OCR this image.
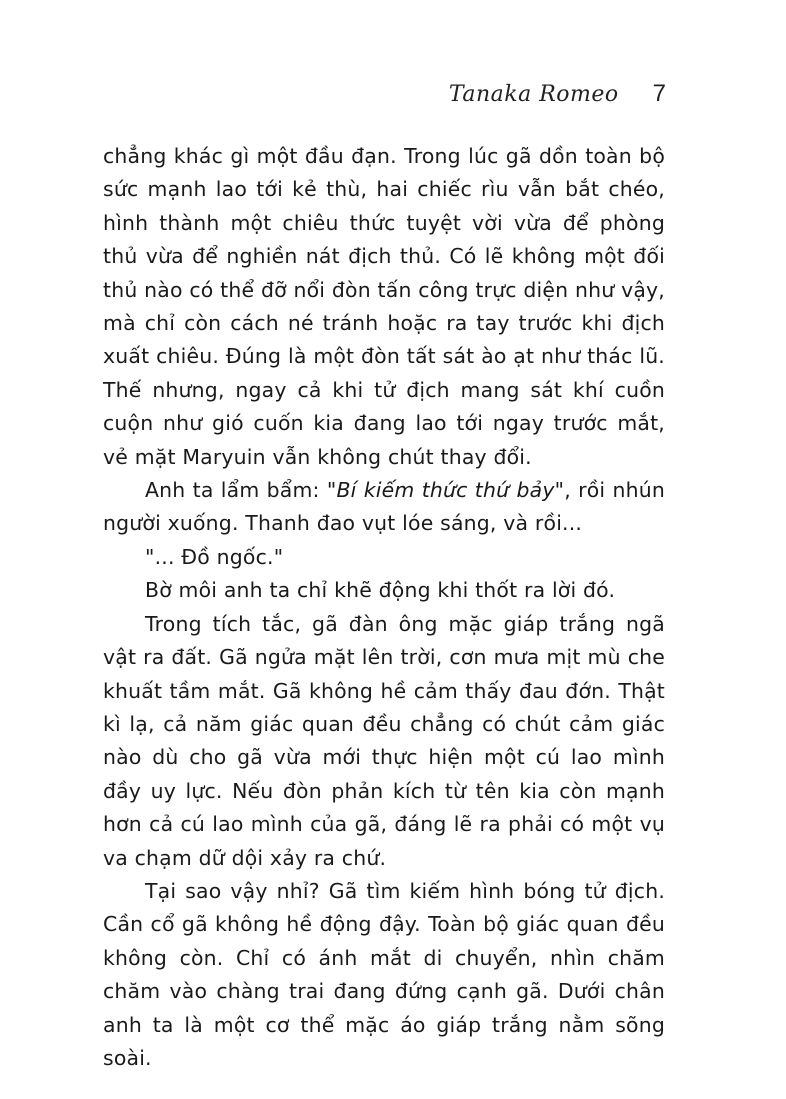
Tanaka Romeo 7

chẳng khác gì một đầu đạn. Trong lúc gã dồn toàn bộ sức mạnh lao tới kẻ thù, hai chiếc rìu vẫn bắt chéo, hình thành một chiêu thức tuyệt vời vừa để phòng thủ vừa để nghiền nát địch thủ. Có lẽ không một đối thủ nào có thể đỡ nổi đòn tấn công trực diện như vậy, mà chỉ còn cách né tránh hoặc ra tay trước khi địch xuất chiêu. Đúng là một đòn tất sát ào ạt như thác lũ. Thế nhưng, ngay cả khi tử địch mang sát khí cuồn cuộn như gió cuốn kia đang lao tới ngay trước mắt, vẻ mặt Maryuin vẫn không chút thay đổi.

Anh ta lẩm bẩm: "Bí kiếm thức thứ bảy", rồi nhún người xuống. Thanh đao vụt lóe sáng, và rồi...

"... Đồ ngốc."

Bờ môi anh ta chỉ khẽ động khi thốt ra lời đó.

Trong tích tắc, gã đàn ông mặc giáp trắng ngã vật ra đất. Gã ngửa mặt lên trời, cơn mưa mịt mù che khuất tầm mắt. Gã không hề cảm thấy đau đớn. Thật kì lạ, cả năm giác quan đều chẳng có chút cảm giác nào dù cho gã vừa mới thực hiện một cú lao mình đầy uy lực. Nếu đòn phản kích từ tên kia còn mạnh hơn cả cú lao mình của gã, đáng lẽ ra phải có một vụ va chạm dữ dội xảy ra chứ.

Tại sao vậy nhỉ? Gã tìm kiếm hình bóng tử địch. Cần cổ gã không hề động đậy. Toàn bộ giác quan đều không còn. Chỉ có ánh mắt di chuyển, nhìn chăm chăm vào chàng trai đang đứng cạnh gã. Dưới chân anh ta là một cơ thể mặc áo giáp trắng nằm sõng soài.
